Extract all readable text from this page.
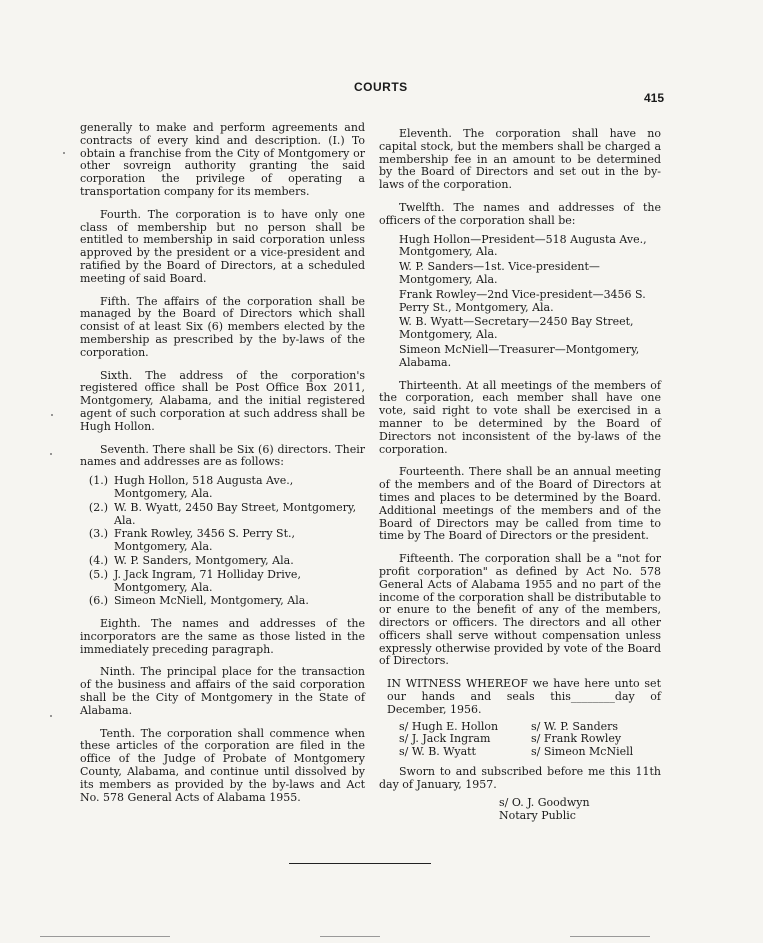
COURTS
415

generally to make and perform agreements and contracts of every kind and description. (I.) To obtain a franchise from the City of Montgomery or other sovreign authority granting the said corporation the privilege of operating a transportation company for its members.

Fourth. The corporation is to have only one class of membership but no person shall be entitled to membership in said corporation unless approved by the president or a vice-president and ratified by the Board of Directors, at a scheduled meeting of said Board.

Fifth. The affairs of the corporation shall be managed by the Board of Directors which shall consist of at least Six (6) members elected by the membership as prescribed by the by-laws of the corporation.

Sixth. The address of the corporation's registered office shall be Post Office Box 2011, Montgomery, Alabama, and the initial registered agent of such corporation at such address shall be Hugh Hollon.

Seventh. There shall be Six (6) directors. Their names and addresses are as follows:

(1.) Hugh Hollon, 518 Augusta Ave., Montgomery, Ala.
(2.) W. B. Wyatt, 2450 Bay Street, Montgomery, Ala.
(3.) Frank Rowley, 3456 S. Perry St., Montgomery, Ala.
(4.) W. P. Sanders, Montgomery, Ala.
(5.) J. Jack Ingram, 71 Holliday Drive, Montgomery, Ala.
(6.) Simeon McNiell, Montgomery, Ala.

Eighth. The names and addresses of the incorporators are the same as those listed in the immediately preceding paragraph.

Ninth. The principal place for the transaction of the business and affairs of the said corporation shall be the City of Montgomery in the State of Alabama.

Tenth. The corporation shall commence when these articles of the corporation are filed in the office of the Judge of Probate of Montgomery County, Alabama, and continue until dissolved by its members as provided by the by-laws and Act No. 578 General Acts of Alabama 1955.

Eleventh. The corporation shall have no capital stock, but the members shall be charged a membership fee in an amount to be determined by the Board of Directors and set out in the by-laws of the corporation.

Twelfth. The names and addresses of the officers of the corporation shall be:

Hugh Hollon—President—518 Augusta Ave., Montgomery, Ala.
W. P. Sanders—1st. Vice-president—Montgomery, Ala.
Frank Rowley—2nd Vice-president—3456 S. Perry St., Montgomery, Ala.
W. B. Wyatt—Secretary—2450 Bay Street, Montgomery, Ala.
Simeon McNiell—Treasurer—Montgomery, Alabama.

Thirteenth. At all meetings of the members of the corporation, each member shall have one vote, said right to vote shall be exercised in a manner to be determined by the Board of Directors not inconsistent of the by-laws of the corporation.

Fourteenth. There shall be an annual meeting of the members and of the Board of Directors at times and places to be determined by the Board. Additional meetings of the members and of the Board of Directors may be called from time to time by The Board of Directors or the president.

Fifteenth. The corporation shall be a "not for profit corporation" as defined by Act No. 578 General Acts of Alabama 1955 and no part of the income of the corporation shall be distributable to or enure to the benefit of any of the members, directors or officers. The directors and all other officers shall serve without compensation unless expressly otherwise provided by vote of the Board of Directors.

IN WITNESS WHEREOF we have here unto set our hands and seals this________day of December, 1956.

s/ Hugh E. Hollon	s/ W. P. Sanders
s/ J. Jack Ingram	s/ Frank Rowley
s/ W. B. Wyatt	s/ Simeon McNiell

Sworn to and subscribed before me this 11th day of January, 1957.

s/ O. J. Goodwyn
Notary Public
